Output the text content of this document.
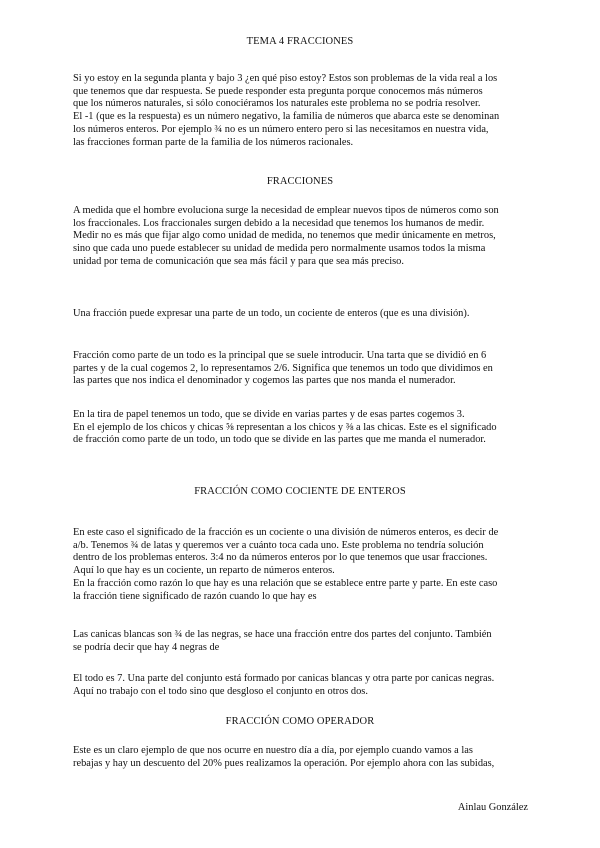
TEMA 4 FRACCIONES
Si yo estoy en la segunda planta y bajo 3 ¿en qué piso estoy? Estos son problemas de la vida real a los
que tenemos que dar respuesta. Se puede responder esta pregunta porque conocemos más números
que los números naturales, si sólo conociéramos los naturales este problema no se podría resolver.
El -1 (que es la respuesta) es un número negativo, la familia de números que abarca este se denominan
los números enteros. Por ejemplo ¾ no es un número entero pero si las necesitamos en nuestra vida,
las fracciones forman parte de la familia de los números racionales.
FRACCIONES
A medida que el hombre evoluciona surge la necesidad de emplear nuevos tipos de números como son
los fraccionales. Los fraccionales surgen debido a la necesidad que tenemos los humanos de medir.
Medir no es más que fijar algo como unidad de medida, no tenemos que medir únicamente en metros,
sino que cada uno puede establecer su unidad de medida pero normalmente usamos todos la misma
unidad por tema de comunicación que sea más fácil y para que sea más preciso.
Una fracción puede expresar una parte de un todo, un cociente de enteros (que es una división).
Fracción como parte de un todo es la principal que se suele introducir. Una tarta que se dividió en 6
partes y de la cual cogemos 2, lo representamos 2/6. Significa que tenemos un todo que dividimos en
las partes que nos indica el denominador y cogemos las partes que nos manda el numerador.
En la tira de papel tenemos un todo, que se divide en varias partes y de esas partes cogemos 3.
En el ejemplo de los chicos y chicas ⅝ representan a los chicos y ⅜ a las chicas. Este es el significado
de fracción como parte de un todo, un todo que se divide en las partes que me manda el numerador.
FRACCIÓN COMO COCIENTE DE ENTEROS
En este caso el significado de la fracción es un cociente o una división de números enteros, es decir de
a/b. Tenemos ¾ de latas y queremos ver a cuánto toca cada uno. Este problema no tendría solución
dentro de los problemas enteros. 3:4 no da números enteros por lo que tenemos que usar fracciones.
Aquí lo que hay es un cociente, un reparto de números enteros.
En la fracción como razón lo que hay es una relación que se establece entre parte y parte. En este caso
la fracción tiene significado de razón cuando lo que hay es
Las canicas blancas son ¾ de las negras, se hace una fracción entre dos partes del conjunto. También
se podría decir que hay 4 negras de
El todo es 7. Una parte del conjunto está formado por canicas blancas y otra parte por canicas negras.
Aquí no trabajo con el todo sino que desgloso el conjunto en otros dos.
FRACCIÓN COMO OPERADOR
Este es un claro ejemplo de que nos ocurre en nuestro día a día, por ejemplo cuando vamos a las
rebajas y hay un descuento del 20% pues realizamos la operación. Por ejemplo ahora con las subidas,
Ainlau González
